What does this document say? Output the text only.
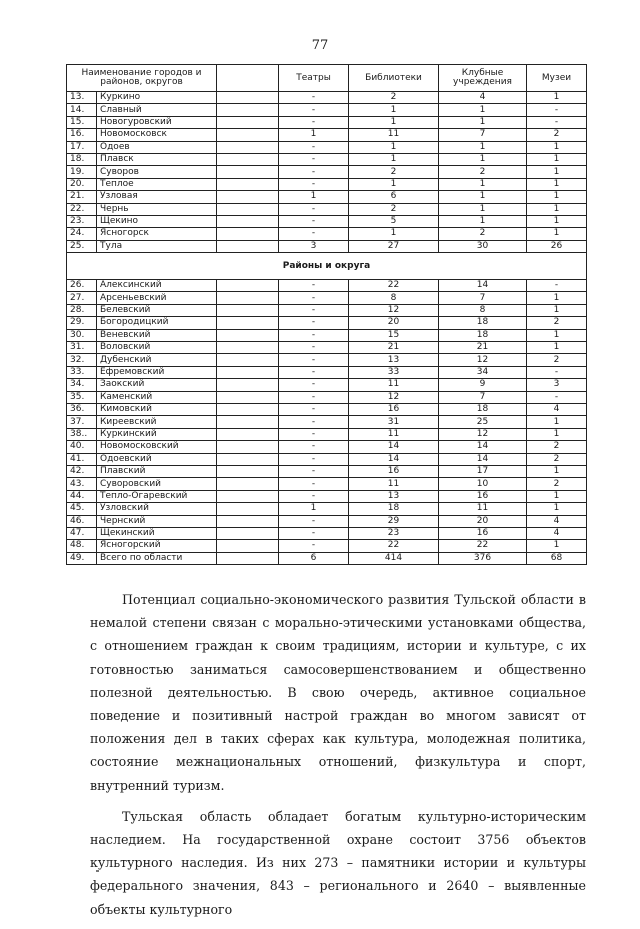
77
Наименование городов и районов, округов			Театры	Библиотеки	Клубные учреждения	Музеи
13.	Куркино		-	2	4	1
14.	Славный		-	1	1	-
15.	Новогуровский		-	1	1	-
16.	Новомосковск		1	11	7	2
17.	Одоев		-	1	1	1
18.	Плавск		-	1	1	1
19.	Суворов		-	2	2	1
20.	Теплое		-	1	1	1
21.	Узловая		1	6	1	1
22.	Чернь		-	2	1	1
23.	Щекино		-	5	1	1
24.	Ясногорск		-	1	2	1
25.	Тула		3	27	30	26
Районы и округа						
26.	Алексинский		-	22	14	-
27.	Арсеньевский		-	8	7	1
28.	Белевский		-	12	8	1
29.	Богородицкий		-	20	18	2
30.	Веневский		-	15	18	1
31.	Воловский		-	21	21	1
32.	Дубенский		-	13	12	2
33.	Ефремовский		-	33	34	-
34.	Заокский		-	11	9	3
35.	Каменский		-	12	7	-
36.	Кимовский		-	16	18	4
37.	Киреевский		-	31	25	1
38..	Куркинский		-	11	12	1
40.	Новомосковский		-	14	14	2
41.	Одоевский		-	14	14	2
42.	Плавский		-	16	17	1
43.	Суворовский		-	11	10	2
44.	Тепло-Огаревский		-	13	16	1
45.	Узловский		1	18	11	1
46.	Чернский		-	29	20	4
47.	Щекинский		-	23	16	4
48.	Ясногорский		-	22	22	1
49.	Всего по области		6	414	376	68

Потенциал социально-экономического развития Тульской области в немалой степени связан с морально-этическими установками общества, с отношением граждан к своим традициям, истории и культуре, с их готовностью заниматься самосовершенствованием и общественно полезной деятельностью. В свою очередь, активное социальное поведение и позитивный настрой граждан во многом зависят от положения дел в таких сферах как культура, молодежная политика, состояние межнациональных отношений, физкультура и спорт, внутренний туризм.

Тульская область обладает богатым культурно-историческим наследием. На государственной охране состоит 3756 объектов культурного наследия. Из них 273 – памятники истории и культуры федерального значения, 843 – регионального и 2640 – выявленные объекты культурного
